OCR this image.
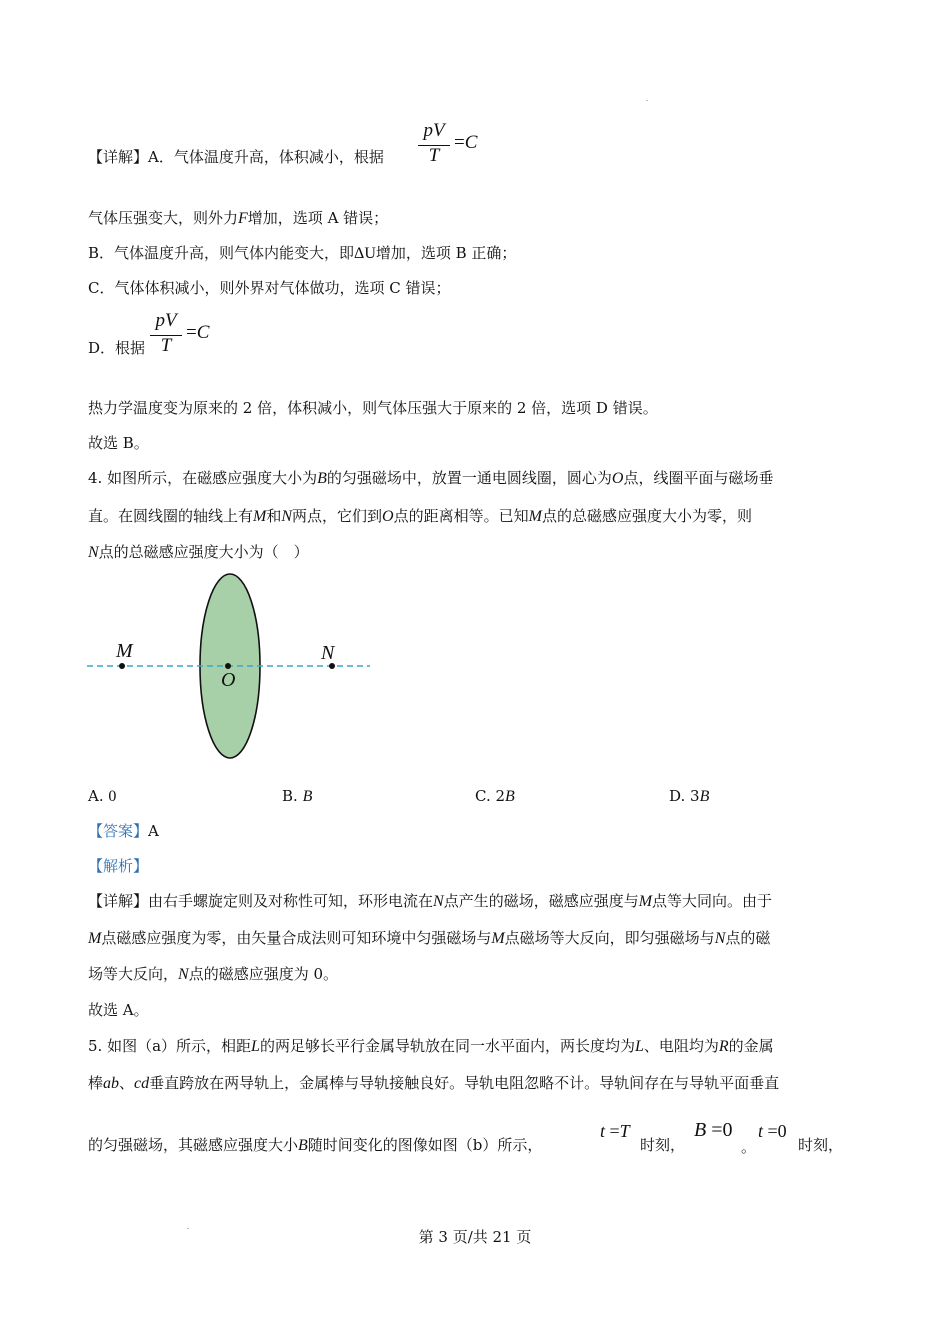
【详解】A．气体温度升高，体积减小，根据
pV
T
=C
气体压强变大，则外力F增加，选项 A 错误；
B．气体温度升高，则气体内能变大，即ΔU增加，选项 B 正确；
C．气体体积减小，则外界对气体做功，选项 C 错误；
D．根据
pV
T
=C
热力学温度变为原来的 2 倍，体积减小，则气体压强大于原来的 2 倍，选项 D 错误。
故选 B。
4. 如图所示，在磁感应强度大小为B的匀强磁场中，放置一通电圆线圈，圆心为O点，线圈平面与磁场垂
直。在圆线圈的轴线上有M和N两点，它们到O点的距离相等。已知M点的总磁感应强度大小为零，则
N点的总磁感应强度大小为（　）
M
O
N
A. 0	B. B	C. 2B	D. 3B
【答案】A
【解析】
【详解】由右手螺旋定则及对称性可知，环形电流在N点产生的磁场，磁感应强度与M点等大同向。由于
M点磁感应强度为零，由矢量合成法则可知环境中匀强磁场与M点磁场等大反向，即匀强磁场与N点的磁
场等大反向，N点的磁感应强度为 0。
故选 A。
5. 如图（a）所示，相距L的两足够长平行金属导轨放在同一水平面内，两长度均为L、电阻均为R的金属
棒ab、cd垂直跨放在两导轨上，金属棒与导轨接触良好。导轨电阻忽略不计。导轨间存在与导轨平面垂直
的匀强磁场，其磁感应强度大小B随时间变化的图像如图（b）所示，
t =T
时刻，
B =0
。
t =0
时刻，
第 3 页/共 21 页
